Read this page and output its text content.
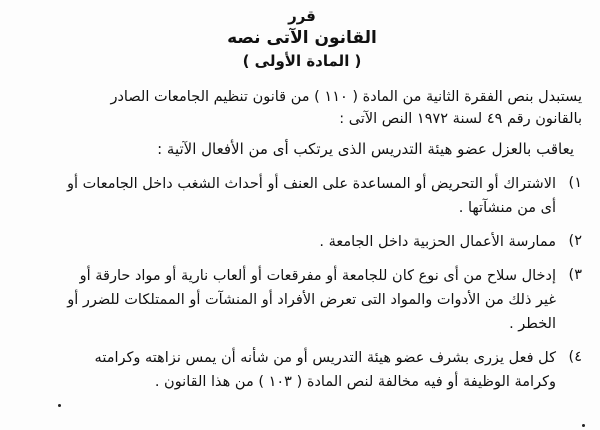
قرر
القانون الآتى نصه
( المادة الأولى )

يستبدل بنص الفقرة الثانية من المادة ( ١١٠ ) من قانون تنظيم الجامعات الصادر بالقانون رقم ٤٩ لسنة ١٩٧٢ النص الآتى :

يعاقب بالعزل عضو هيئة التدريس الذى يرتكب أى من الأفعال الآتية :

١)
الاشتراك أو التحريض أو المساعدة على العنف أو أحداث الشغب داخل الجامعات أو أى من منشآتها .
٢)
ممارسة الأعمال الحزبية داخل الجامعة .
٣)
إدخال سلاح من أى نوع كان للجامعة أو مفرقعات أو ألعاب نارية أو مواد حارقة أو غير ذلك من الأدوات والمواد التى تعرض الأفراد أو المنشآت أو الممتلكات للضرر أو الخطر .
٤)
كل فعل يزرى بشرف عضو هيئة التدريس أو من شأنه أن يمس نزاهته وكرامته وكرامة الوظيفة أو فيه مخالفة لنص المادة ( ١٠٣ ) من هذا القانون .
